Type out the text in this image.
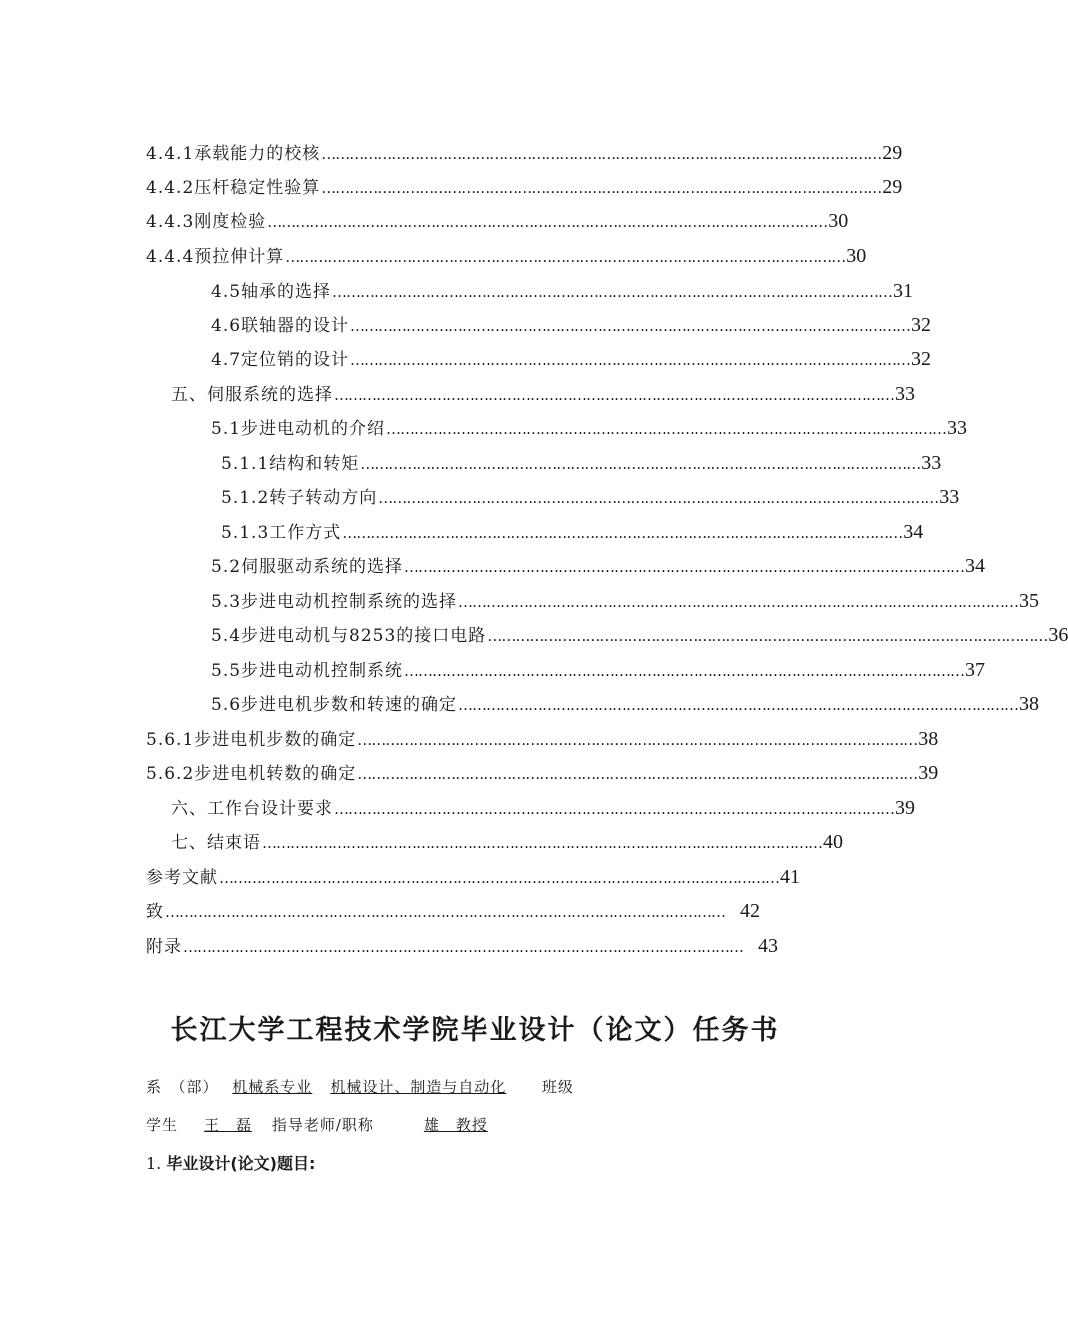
4.4.1承载能力的校核 ………………………………………………………………………………………………………… 29
4.4.2压杆稳定性验算 ………………………………………………………………………………………………………… 29
4.4.3刚度检验 ………………………………………………………………………………………………………… 30
4.4.4预拉伸计算 ………………………………………………………………………………………………………… 30
4.5轴承的选择 ………………………………………………………………………………………………………… 31
4.6联轴器的设计 ………………………………………………………………………………………………………… 32
4.7定位销的设计 ………………………………………………………………………………………………………… 32
五、伺服系统的选择 ………………………………………………………………………………………………………… 33
5.1步进电动机的介绍 ………………………………………………………………………………………………………… 33
5.1.1结构和转矩 ………………………………………………………………………………………………………… 33
5.1.2转子转动方向 ………………………………………………………………………………………………………… 33
5.1.3工作方式 ………………………………………………………………………………………………………… 34
5.2伺服驱动系统的选择 ………………………………………………………………………………………………………… 34
5.3步进电动机控制系统的选择 ………………………………………………………………………………………………………… 35
5.4步进电动机与8253的接口电路 ………………………………………………………………………………………………………… 36
5.5步进电动机控制系统 ………………………………………………………………………………………………………… 37
5.6步进电机步数和转速的确定 ………………………………………………………………………………………………………… 38
5.6.1步进电机步数的确定 ………………………………………………………………………………………………………… 38
5.6.2步进电机转数的确定 ………………………………………………………………………………………………………… 39
六、工作台设计要求 ………………………………………………………………………………………………………… 39
七、结束语 ………………………………………………………………………………………………………… 40
参考文献 ………………………………………………………………………………………………………… 41
致 ………………………………………………………………………………………………………… 42
附录 ………………………………………………………………………………………………………… 43
长江大学工程技术学院毕业设计（论文）任务书
系　（部） 机械系专业 机械设计、制造与自动化 班级
学生 王　磊 指导老师/职称	雄　教授
1. 毕业设计(论文)题目:
